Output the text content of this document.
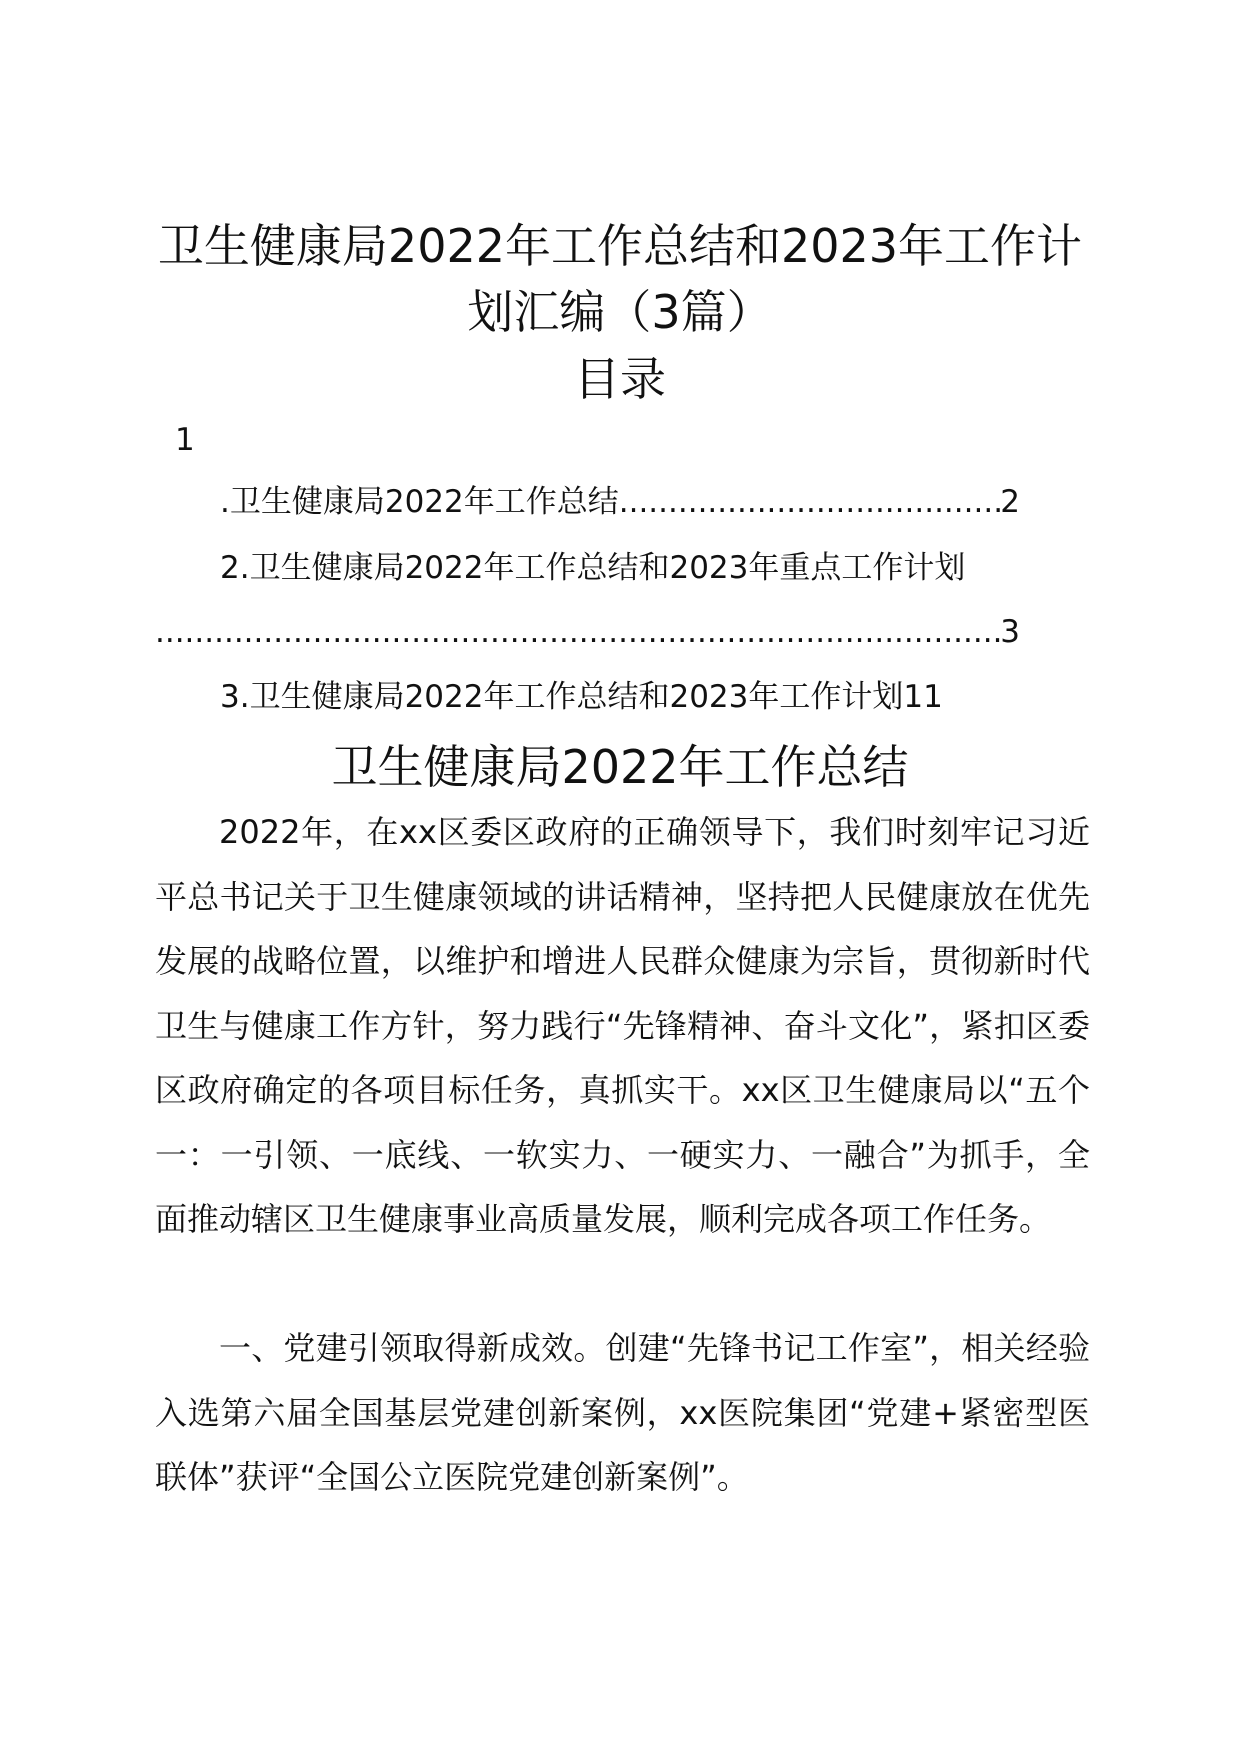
卫生健康局2022年工作总结和2023年工作计
划汇编（3篇）
目录
1
.卫生健康局2022年工作总结
.....	2
2.卫生健康局2022年工作总结和2023年重点工作计划
.....
3
3.卫生健康局2022年工作总结和2023年工作计划11
卫生健康局2022年工作总结

2022年，在xx区委区政府的正确领导下，我们时刻牢记习近平总书记关于卫生健康领域的讲话精神，坚持把人民健康放在优先发展的战略位置，以维护和增进人民群众健康为宗旨，贯彻新时代卫生与健康工作方针，努力践行“先锋精神、奋斗文化”，紧扣区委区政府确定的各项目标任务，真抓实干。xx区卫生健康局以“五个一：一引领、一底线、一软实力、一硬实力、一融合”为抓手，全面推动辖区卫生健康事业高质量发展，顺利完成各项工作任务。

一、党建引领取得新成效。创建“先锋书记工作室”，相关经验入选第六届全国基层党建创新案例，xx医院集团“党建+紧密型医联体”获评“全国公立医院党建创新案例”。
